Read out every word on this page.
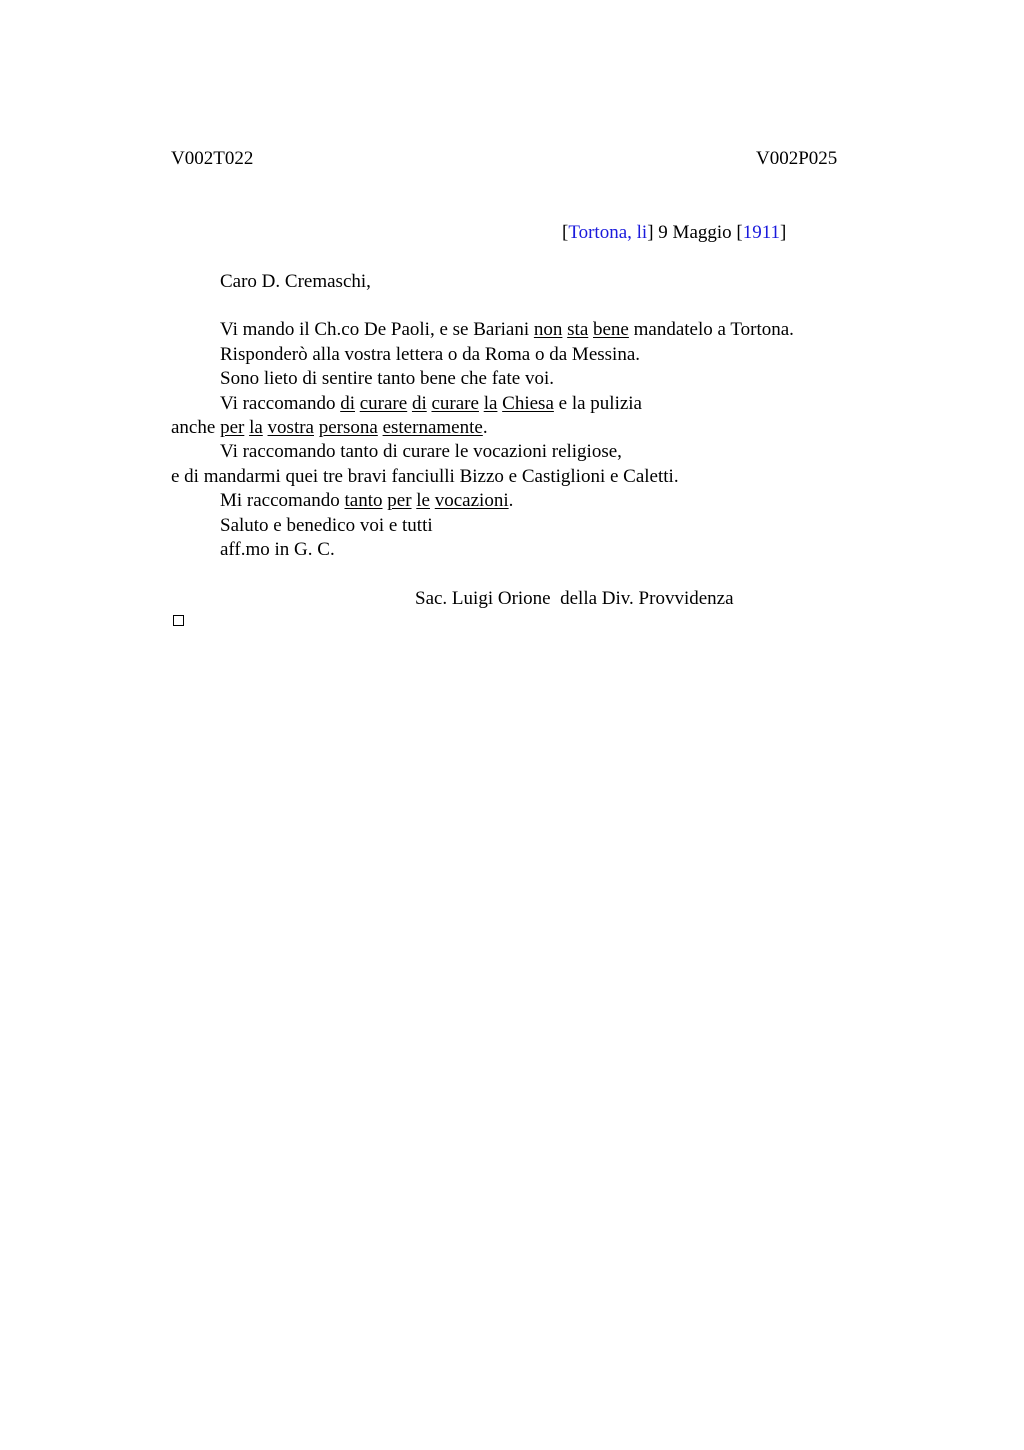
V002T022	V002P025
[Tortona, li] 9 Maggio [1911]
Caro D. Cremaschi,
Vi mando il Ch.co De Paoli, e se Bariani non sta bene mandatelo a Tortona.
Risponderò alla vostra lettera o da Roma o da Messina.
Sono lieto di sentire tanto bene che fate voi.
Vi raccomando di curare di curare la Chiesa e la pulizia
anche per la vostra persona esternamente.
Vi raccomando tanto di curare le vocazioni religiose,
e di mandarmi quei tre bravi fanciulli Bizzo e Castiglioni e Caletti.
Mi raccomando tanto per le vocazioni.
Saluto e benedico voi e tutti
aff.mo in G. C.
Sac. Luigi Orione  della Div. Provvidenza
